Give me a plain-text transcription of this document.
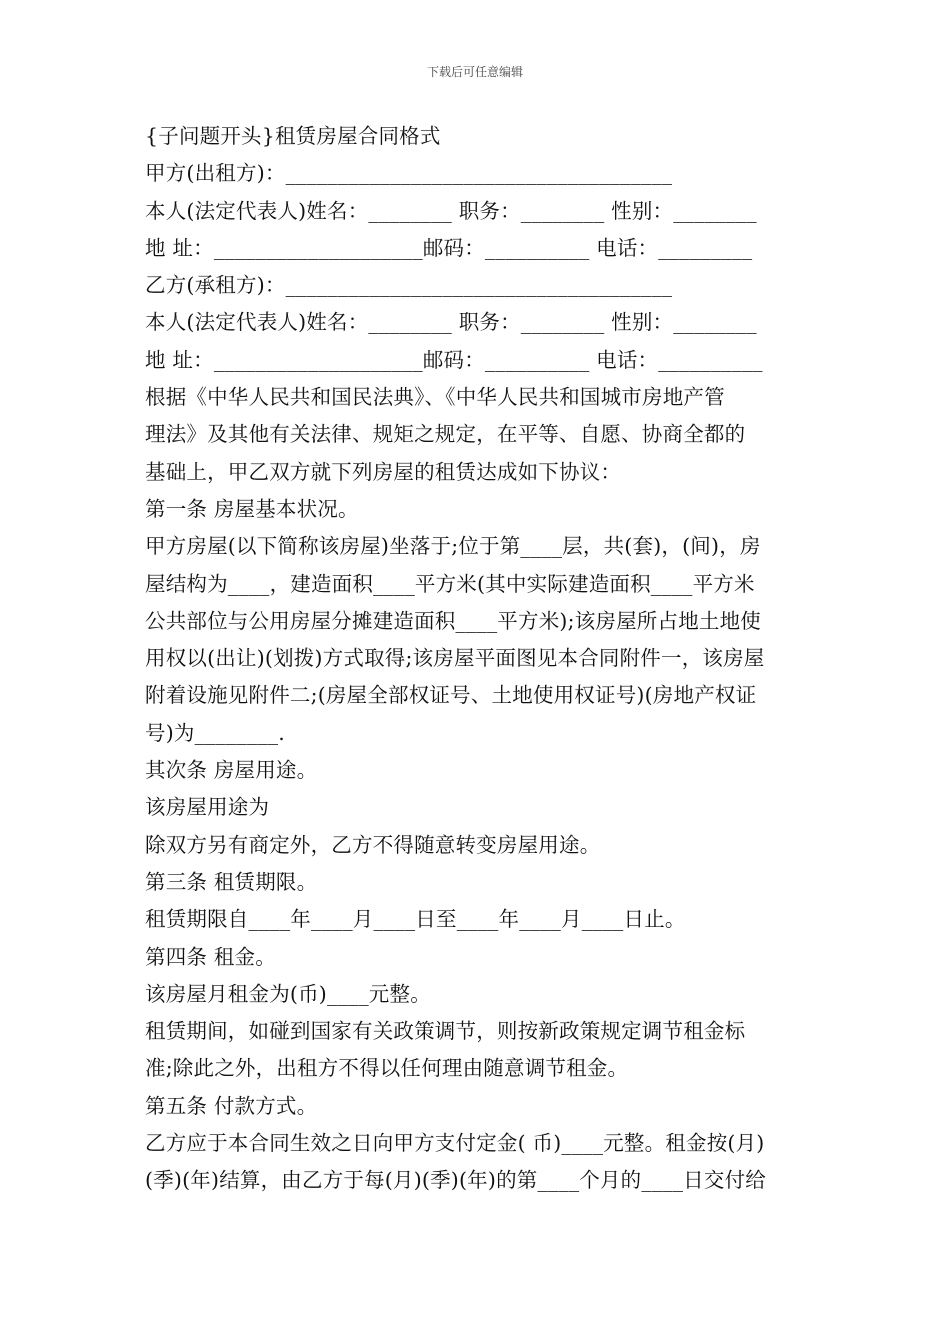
下载后可任意编辑
{子问题开头}租赁房屋合同格式
甲方(出租方)：_____________________________________
本人(法定代表人)姓名：________ 职务：________ 性别：________
地 址：____________________邮码：__________ 电话：_________
乙方(承租方)：_____________________________________
本人(法定代表人)姓名：________ 职务：________ 性别：________
地 址：____________________邮码：__________ 电话：__________
根据《中华人民共和国民法典》、《中华人民共和国城市房地产管
理法》及其他有关法律、规矩之规定，在平等、自愿、协商全都的
基础上，甲乙双方就下列房屋的租赁达成如下协议：
第一条 房屋基本状况。
甲方房屋(以下简称该房屋)坐落于;位于第____层，共(套)，(间)，房
屋结构为____，建造面积____平方米(其中实际建造面积____平方米
公共部位与公用房屋分摊建造面积____平方米);该房屋所占地土地使
用权以(出让)(划拨)方式取得;该房屋平面图见本合同附件一，该房屋
附着设施见附件二;(房屋全部权证号、土地使用权证号)(房地产权证
号)为________.
其次条 房屋用途。
该房屋用途为
除双方另有商定外，乙方不得随意转变房屋用途。
第三条 租赁期限。
租赁期限自____年____月____日至____年____月____日止。
第四条 租金。
该房屋月租金为(币)____元整。
租赁期间，如碰到国家有关政策调节，则按新政策规定调节租金标
准;除此之外，出租方不得以任何理由随意调节租金。
第五条 付款方式。
乙方应于本合同生效之日向甲方支付定金( 币)____元整。租金按(月)
(季)(年)结算，由乙方于每(月)(季)(年)的第____个月的____日交付给
